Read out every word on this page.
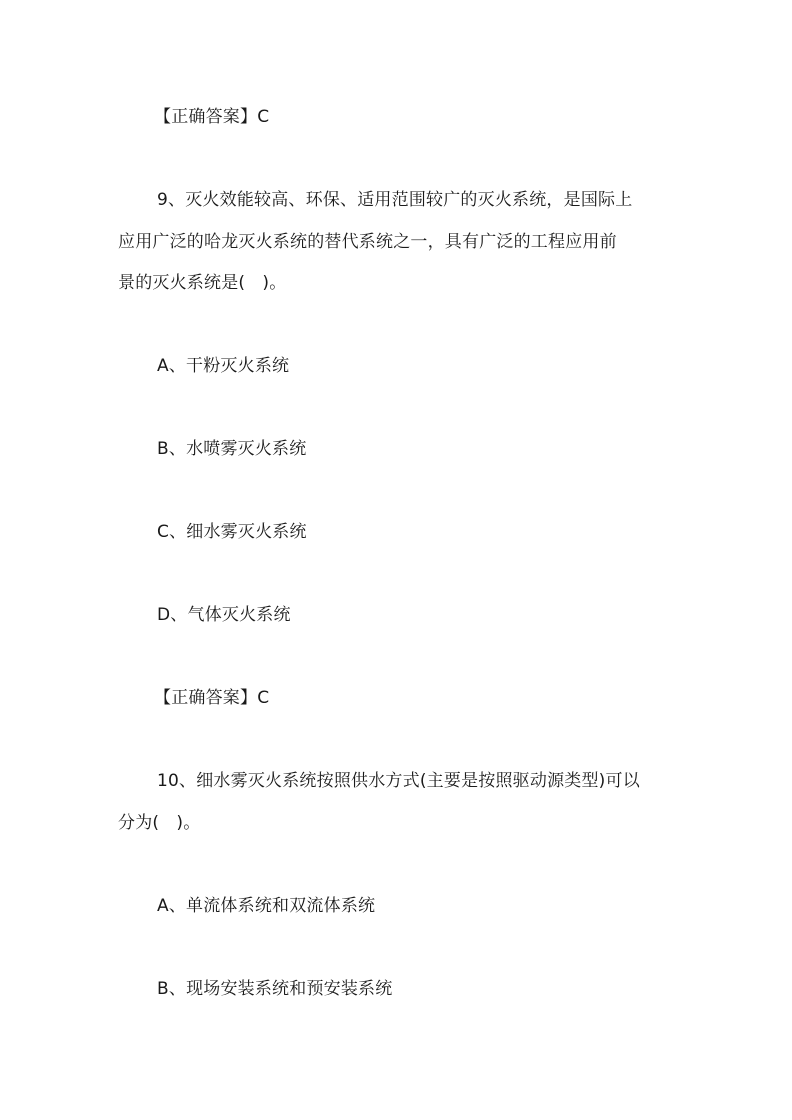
【正确答案】C
9、灭火效能较高、环保、适用范围较广的灭火系统，是国际上
应用广泛的哈龙灭火系统的替代系统之一，具有广泛的工程应用前
景的灭火系统是(　)。
A、干粉灭火系统
B、水喷雾灭火系统
C、细水雾灭火系统
D、气体灭火系统
【正确答案】C
10、细水雾灭火系统按照供水方式(主要是按照驱动源类型)可以
分为(　)。
A、单流体系统和双流体系统
B、现场安装系统和预安装系统
